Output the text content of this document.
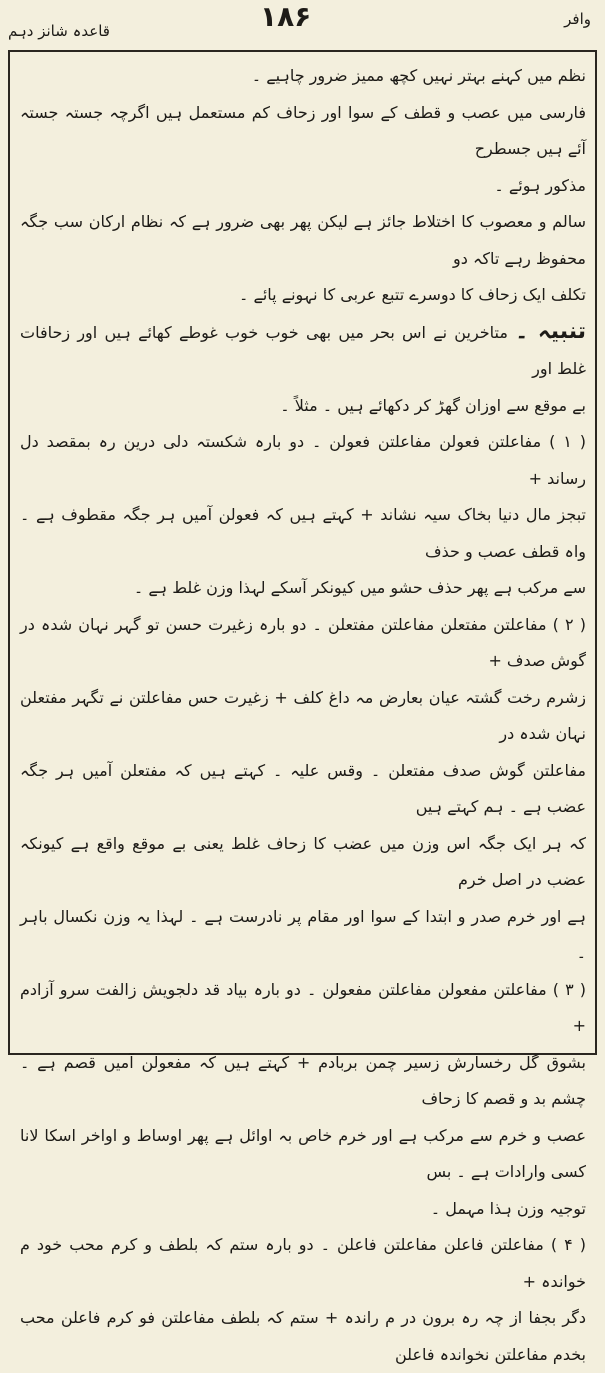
وافر
۱۸۶
قاعدہ شانز دہم

نظم میں کہنے بہتر نہیں کچھ ممیز ضرور چاہیے ۔

فارسی میں عصب و قطف کے سوا اور زحاف کم مستعمل ہیں اگرچہ جستہ جستہ آئے ہیں جسطرح

مذکور ہوئے ۔

سالم و معصوب کا اختلاط جائز ہے لیکن پھر بھی ضرور ہے کہ نظام ارکان سب جگہ محفوظ رہے تاکہ دو

تکلف ایک زحاف کا دوسرے تتبع عربی کا نہونے پائے ۔

تنبیہ ۔ متاخرین نے اس بحر میں بھی خوب خوب غوطے کھائے ہیں اور زحافات غلط اور

بے موقع سے اوزان گھڑ کر دکھائے ہیں ۔ مثلاً ۔

( ۱ ) مفاعلتن فعولن مفاعلتن فعولن ۔ دو بارہ شکستہ دلی درین رہ بمقصد دل رساند +

تبجز مال دنیا بخاک سیہ نشاند + کہتے ہیں کہ فعولن آمیں ہر جگہ مقطوف ہے ۔ واہ قطف عصب و حذف

سے مرکب ہے پھر حذف حشو میں کیونکر آسکے لہذا وزن غلط ہے ۔

( ۲ ) مفاعلتن مفتعلن مفاعلتن مفتعلن ۔ دو بارہ زغیرت حسن تو گہر نہان شدہ در گوش صدف +

زشرم رخت گشتہ عیان بعارض مہ داغ کلف + زغیرت حس مفاعلتن نے تگہر مفتعلن نہان شدہ در

مفاعلتن گوش صدف مفتعلن ۔ وقس علیہ ۔ کہتے ہیں کہ مفتعلن آمیں ہر جگہ عضب ہے ۔ ہم کہتے ہیں

کہ ہر ایک جگہ اس وزن میں عضب کا زحاف غلط یعنی بے موقع واقع ہے کیونکہ عضب در اصل خرم

ہے اور خرم صدر و ابتدا کے سوا اور مقام پر نادرست ہے ۔ لہذا یہ وزن نکسال باہر ۔

( ۳ ) مفاعلتن مفعولن مفاعلتن مفعولن ۔ دو بارہ بیاد قد دلجویش زالفت سرو آزادم +

بشوق گل رخسارش زسیر چمن بربادم + کہتے ہیں کہ مفعولن آمیں قصم ہے ۔ چشم بد و قصم کا زحاف

عصب و خرم سے مرکب ہے اور خرم خاص بہ اوائل ہے پھر اوساط و اواخر اسکا لانا کسی وارادات ہے ۔ بس

توجیہ وزن ہذا مہمل ۔

( ۴ ) مفاعلتن فاعلن مفاعلتن فاعلن ۔ دو بارہ ستم کہ بلطف و کرم محب خود م خواندہ +

دگر بجفا از چہ رہ برون در م راندہ + ستم کہ بلطف مفاعلتن فو کرم فاعلن محب بخدم مفاعلتن نخواندہ فاعلن
